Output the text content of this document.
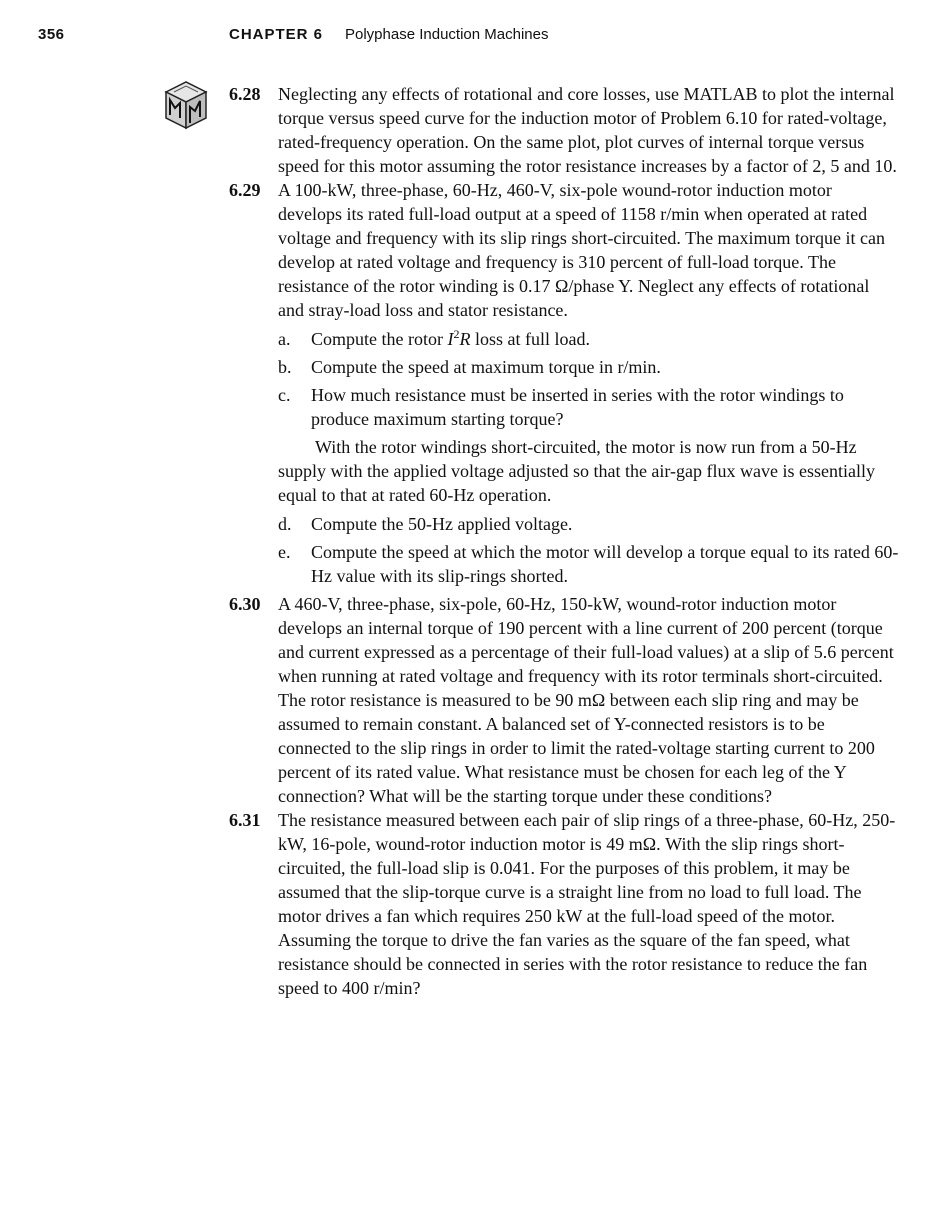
356	CHAPTER 6 Polyphase Induction Machines
6.28 Neglecting any effects of rotational and core losses, use MATLAB to plot the internal torque versus speed curve for the induction motor of Problem 6.10 for rated-voltage, rated-frequency operation. On the same plot, plot curves of internal torque versus speed for this motor assuming the rotor resistance increases by a factor of 2, 5 and 10.
6.29 A 100-kW, three-phase, 60-Hz, 460-V, six-pole wound-rotor induction motor develops its rated full-load output at a speed of 1158 r/min when operated at rated voltage and frequency with its slip rings short-circuited. The maximum torque it can develop at rated voltage and frequency is 310 percent of full-load torque. The resistance of the rotor winding is 0.17 Ω/phase Y. Neglect any effects of rotational and stray-load loss and stator resistance.
a. Compute the rotor $I^2R$ loss at full load.
b. Compute the speed at maximum torque in r/min.
c. How much resistance must be inserted in series with the rotor windings to produce maximum starting torque?
With the rotor windings short-circuited, the motor is now run from a 50-Hz supply with the applied voltage adjusted so that the air-gap flux wave is essentially equal to that at rated 60-Hz operation.
d. Compute the 50-Hz applied voltage.
e. Compute the speed at which the motor will develop a torque equal to its rated 60-Hz value with its slip-rings shorted.
6.30 A 460-V, three-phase, six-pole, 60-Hz, 150-kW, wound-rotor induction motor develops an internal torque of 190 percent with a line current of 200 percent (torque and current expressed as a percentage of their full-load values) at a slip of 5.6 percent when running at rated voltage and frequency with its rotor terminals short-circuited. The rotor resistance is measured to be 90 mΩ between each slip ring and may be assumed to remain constant. A balanced set of Y-connected resistors is to be connected to the slip rings in order to limit the rated-voltage starting current to 200 percent of its rated value. What resistance must be chosen for each leg of the Y connection? What will be the starting torque under these conditions?
6.31 The resistance measured between each pair of slip rings of a three-phase, 60-Hz, 250-kW, 16-pole, wound-rotor induction motor is 49 mΩ. With the slip rings short-circuited, the full-load slip is 0.041. For the purposes of this problem, it may be assumed that the slip-torque curve is a straight line from no load to full load. The motor drives a fan which requires 250 kW at the full-load speed of the motor. Assuming the torque to drive the fan varies as the square of the fan speed, what resistance should be connected in series with the rotor resistance to reduce the fan speed to 400 r/min?
